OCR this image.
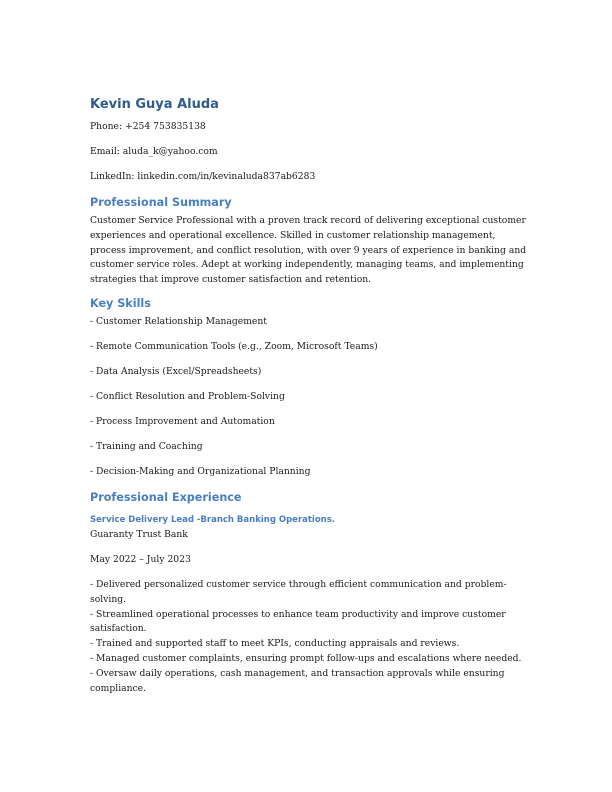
Kevin Guya Aluda
Phone: +254 753835138
Email: aluda_k@yahoo.com
LinkedIn: linkedin.com/in/kevinaluda837ab6283
Professional Summary
Customer Service Professional with a proven track record of delivering exceptional customer experiences and operational excellence. Skilled in customer relationship management, process improvement, and conflict resolution, with over 9 years of experience in banking and customer service roles. Adept at working independently, managing teams, and implementing strategies that improve customer satisfaction and retention.
Key Skills
- Customer Relationship Management
- Remote Communication Tools (e.g., Zoom, Microsoft Teams)
- Data Analysis (Excel/Spreadsheets)
- Conflict Resolution and Problem-Solving
- Process Improvement and Automation
- Training and Coaching
- Decision-Making and Organizational Planning
Professional Experience
Service Delivery Lead -Branch Banking Operations.
Guaranty Trust Bank
May 2022 – July 2023
- Delivered personalized customer service through efficient communication and problem-solving.
- Streamlined operational processes to enhance team productivity and improve customer satisfaction.
- Trained and supported staff to meet KPIs, conducting appraisals and reviews.
- Managed customer complaints, ensuring prompt follow-ups and escalations where needed.
- Oversaw daily operations, cash management, and transaction approvals while ensuring compliance.
